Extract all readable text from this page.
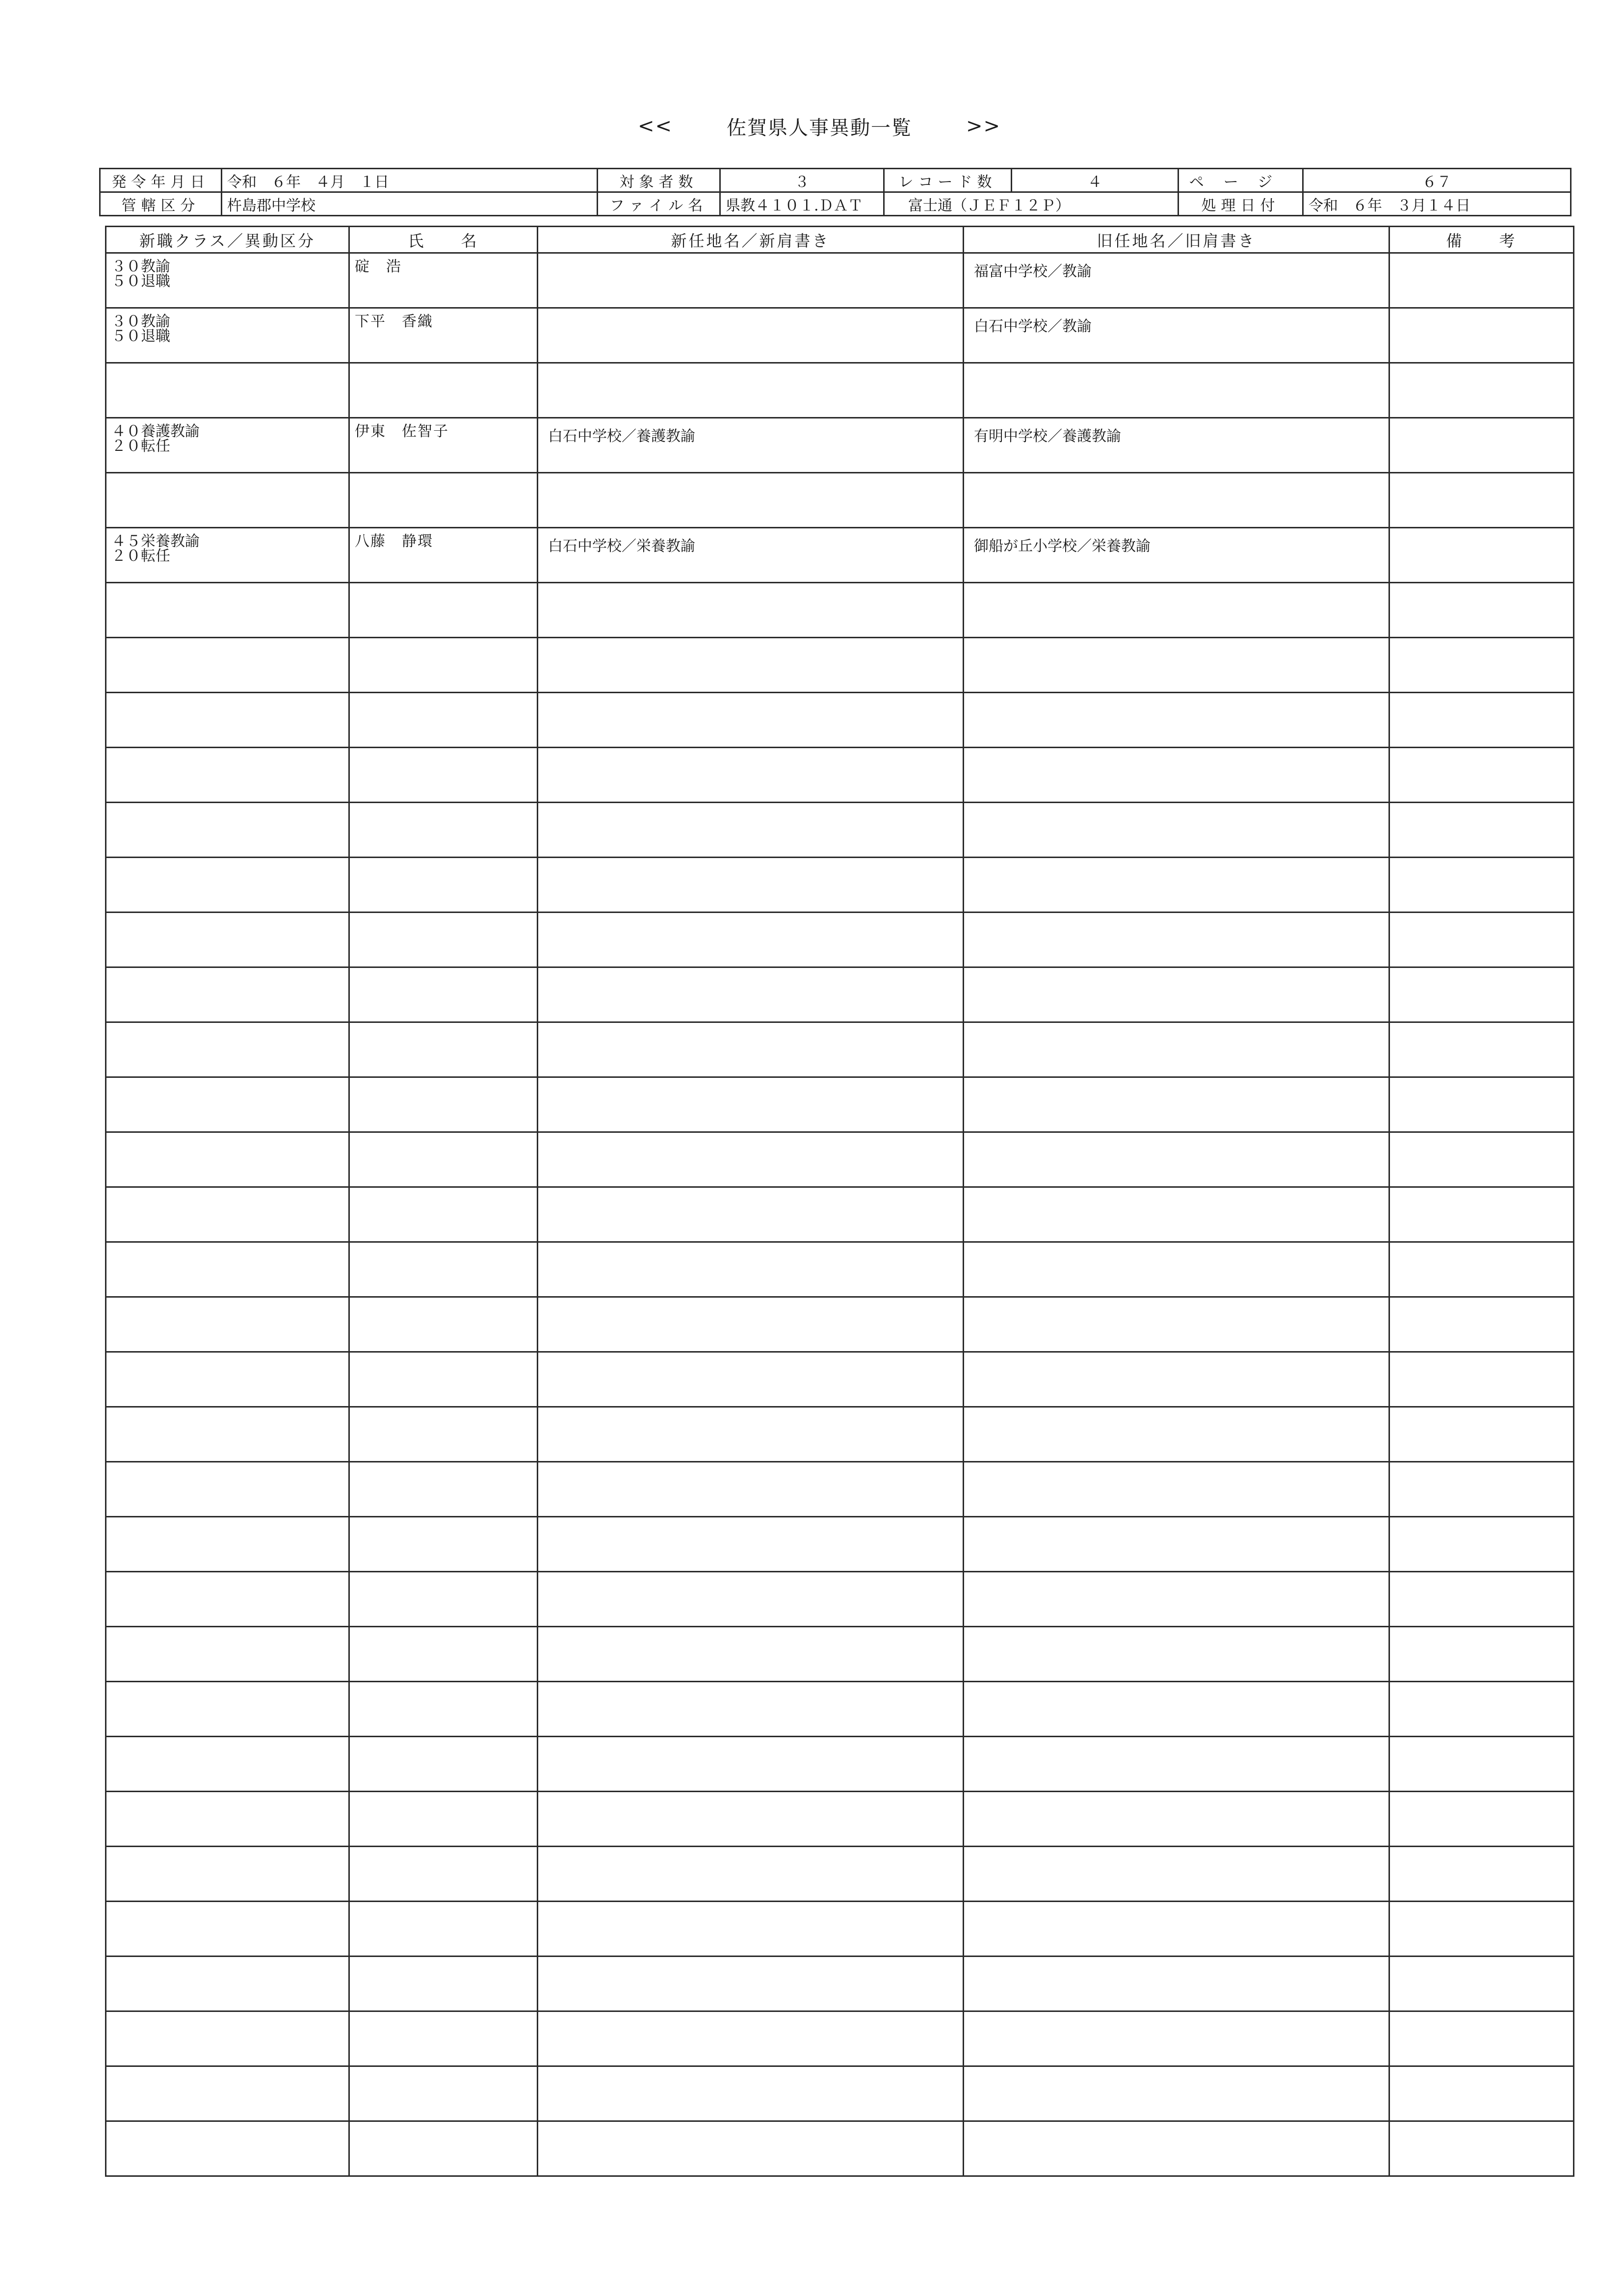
<<	佐賀県人事異動一覧	>>
発令年月日	令和　６年　４月　１日	対象者数	３	レコード数	４	ページ	６７
管轄区分	杵島郡中学校	ファイル名	県教４１０１.ＤＡＴ	富士通（ＪＥＦ１２Ｐ）		処理日付	令和　６年　３月１４日
新職クラス／異動区分	氏　　名	新任地名／新肩書き	旧任地名／旧肩書き	備　　考

３０教諭
５０退職	碇　浩		福富中学校／教諭	

３０教諭
５０退職	下平　香織		白石中学校／教諭	

４０養護教諭
２０転任	伊東　佐智子	白石中学校／養護教諭	有明中学校／養護教諭	

４５栄養教諭
２０転任	八藤　静環	白石中学校／栄養教諭	御船が丘小学校／栄養教諭	
